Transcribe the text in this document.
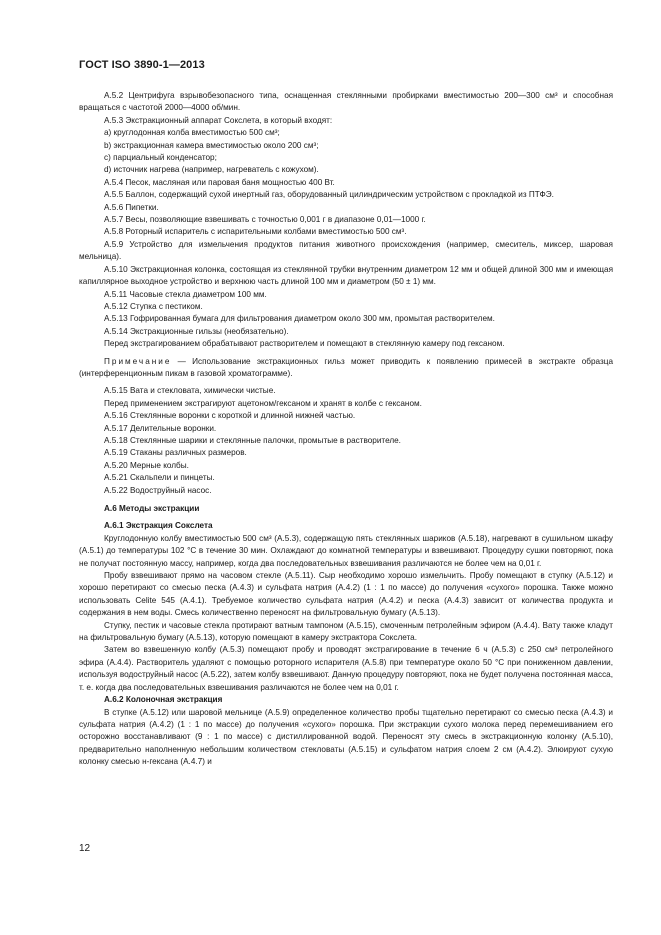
ГОСТ ISO 3890-1—2013

A.5.2 Центрифуга взрывобезопасного типа, оснащенная стеклянными пробирками вместимостью 200—300 см³ и способная вращаться с частотой 2000—4000 об/мин.

A.5.3 Экстракционный аппарат Сокслета, в который входят:

а) круглодонная колба вместимостью 500 см³;

b) экстракционная камера вместимостью около 200 см³;

c) парциальный конденсатор;

d) источник нагрева (например, нагреватель с кожухом).

A.5.4 Песок, масляная или паровая баня мощностью 400 Вт.

A.5.5 Баллон, содержащий сухой инертный газ, оборудованный цилиндрическим устройством с прокладкой из ПТФЭ.

A.5.6 Пипетки.

A.5.7 Весы, позволяющие взвешивать с точностью 0,001 г в диапазоне 0,01—1000 г.

A.5.8 Роторный испаритель с испарительными колбами вместимостью 500 см³.

A.5.9 Устройство для измельчения продуктов питания животного происхождения (например, смеситель, миксер, шаровая мельница).

A.5.10 Экстракционная колонка, состоящая из стеклянной трубки внутренним диаметром 12 мм и общей длиной 300 мм и имеющая капиллярное выходное устройство и верхнюю часть длиной 100 мм и диаметром (50 ± 1) мм.

A.5.11 Часовые стекла диаметром 100 мм.

A.5.12 Ступка с пестиком.

A.5.13 Гофрированная бумага для фильтрования диаметром около 300 мм, промытая растворителем.

A.5.14 Экстракционные гильзы (необязательно).

Перед экстрагированием обрабатывают растворителем и помещают в стеклянную камеру под гексаном.

Примечание — Использование экстракционных гильз может приводить к появлению примесей в экстракте образца (интерференционным пикам в газовой хроматограмме).

A.5.15 Вата и стекловата, химически чистые.

Перед применением экстрагируют ацетоном/гексаном и хранят в колбе с гексаном.

A.5.16 Стеклянные воронки с короткой и длинной нижней частью.

A.5.17 Делительные воронки.

A.5.18 Стеклянные шарики и стеклянные палочки, промытые в растворителе.

A.5.19 Стаканы различных размеров.

A.5.20 Мерные колбы.

A.5.21 Скальпели и пинцеты.

A.5.22 Водоструйный насос.

A.6 Методы экстракции

A.6.1 Экстракция Сокслета

Круглодонную колбу вместимостью 500 см³ (A.5.3), содержащую пять стеклянных шариков (A.5.18), нагревают в сушильном шкафу (A.5.1) до температуры 102 °С в течение 30 мин. Охлаждают до комнатной температуры и взвешивают. Процедуру сушки повторяют, пока не получат постоянную массу, например, когда два последовательных взвешивания различаются не более чем на 0,01 г.

Пробу взвешивают прямо на часовом стекле (A.5.11). Сыр необходимо хорошо измельчить. Пробу помещают в ступку (A.5.12) и хорошо перетирают со смесью песка (A.4.3) и сульфата натрия (A.4.2) (1 : 1 по массе) до получения «сухого» порошка. Также можно использовать Celite 545 (A.4.1). Требуемое количество сульфата натрия (A.4.2) и песка (A.4.3) зависит от количества продукта и содержания в нем воды. Смесь количественно переносят на фильтровальную бумагу (A.5.13).

Ступку, пестик и часовые стекла протирают ватным тампоном (A.5.15), смоченным петролейным эфиром (A.4.4). Вату также кладут на фильтровальную бумагу (A.5.13), которую помещают в камеру экстрактора Сокслета.

Затем во взвешенную колбу (A.5.3) помещают пробу и проводят экстрагирование в течение 6 ч (A.5.3) с 250 см³ петролейного эфира (A.4.4). Растворитель удаляют с помощью роторного испарителя (A.5.8) при температуре около 50 °С при пониженном давлении, используя водоструйный насос (A.5.22), затем колбу взвешивают. Данную процедуру повторяют, пока не будет получена постоянная масса, т. е. когда два последовательных взвешивания различаются не более чем на 0,01 г.

A.6.2 Колоночная экстракция

В ступке (A.5.12) или шаровой мельнице (A.5.9) определенное количество пробы тщательно перетирают со смесью песка (A.4.3) и сульфата натрия (A.4.2) (1 : 1 по массе) до получения «сухого» порошка. При экстракции сухого молока перед перемешиванием его осторожно восстанавливают (9 : 1 по массе) с дистиллированной водой. Переносят эту смесь в экстракционную колонку (A.5.10), предварительно наполненную небольшим количеством стекловаты (A.5.15) и сульфатом натрия слоем 2 см (A.4.2). Элюируют сухую колонку смесью н-гексана (A.4.7) и

12
